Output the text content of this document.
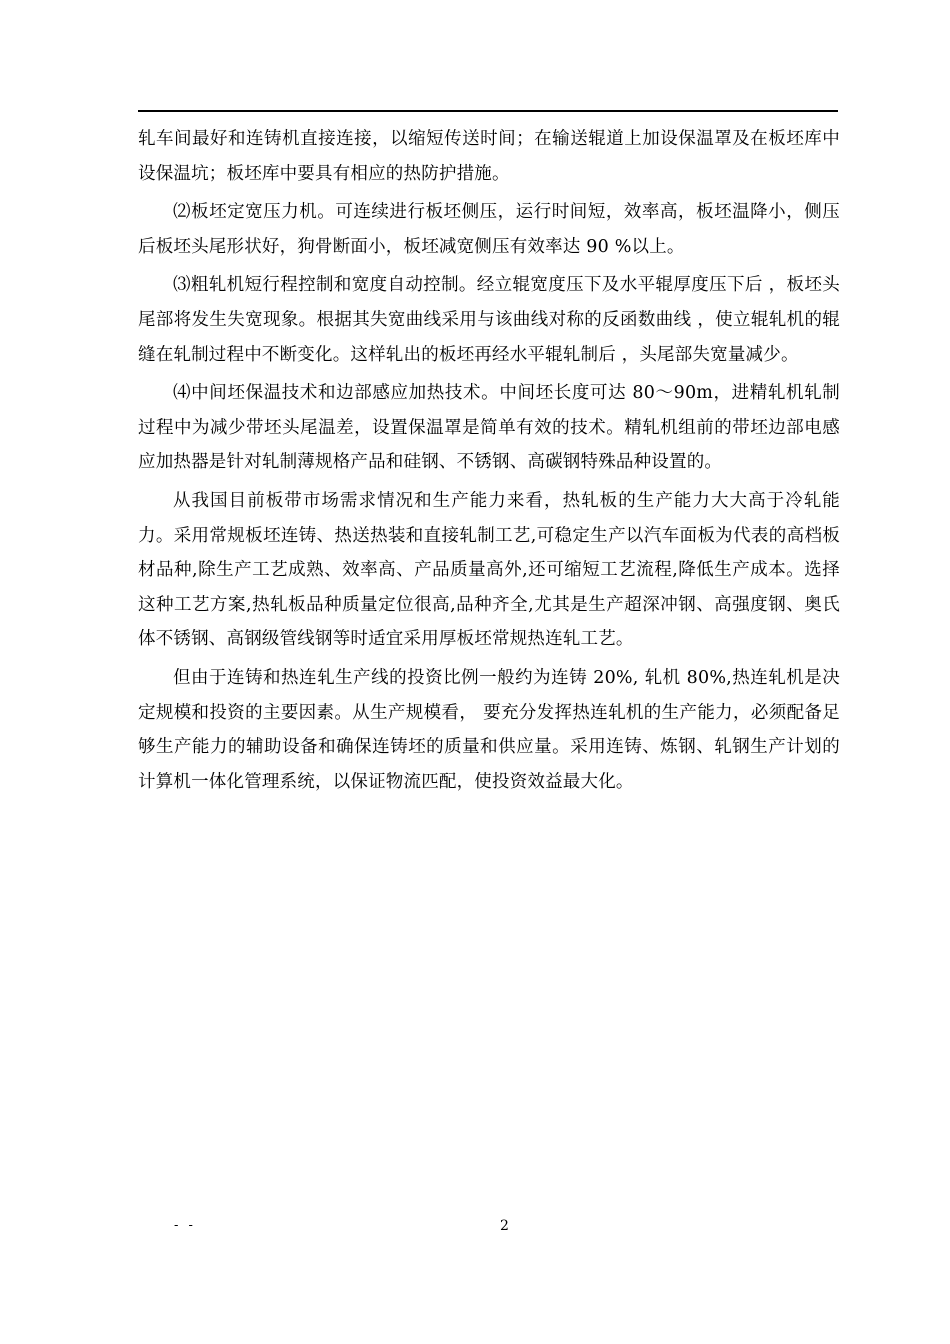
轧车间最好和连铸机直接连接，以缩短传送时间；在输送辊道上加设保温罩及在板坯库中设保温坑；板坯库中要具有相应的热防护措施。

⑵板坯定宽压力机。可连续进行板坯侧压，运行时间短，效率高，板坯温降小，侧压后板坯头尾形状好，狗骨断面小，板坯减宽侧压有效率达 90 %以上。

⑶粗轧机短行程控制和宽度自动控制。经立辊宽度压下及水平辊厚度压下后 ，板坯头尾部将发生失宽现象。根据其失宽曲线采用与该曲线对称的反函数曲线 ，使立辊轧机的辊缝在轧制过程中不断变化。这样轧出的板坯再经水平辊轧制后 ，头尾部失宽量减少。

⑷中间坯保温技术和边部感应加热技术。中间坯长度可达 80～90m，进精轧机轧制过程中为减少带坯头尾温差，设置保温罩是简单有效的技术。精轧机组前的带坯边部电感应加热器是针对轧制薄规格产品和硅钢、不锈钢、高碳钢特殊品种设置的。

从我国目前板带市场需求情况和生产能力来看，热轧板的生产能力大大高于冷轧能力。采用常规板坯连铸、热送热装和直接轧制工艺,可稳定生产以汽车面板为代表的高档板材品种,除生产工艺成熟、效率高、产品质量高外,还可缩短工艺流程,降低生产成本。选择这种工艺方案,热轧板品种质量定位很高,品种齐全,尤其是生产超深冲钢、高强度钢、奥氏体不锈钢、高钢级管线钢等时适宜采用厚板坯常规热连轧工艺。

但由于连铸和热连轧生产线的投资比例一般约为连铸 20%, 轧机 80%,热连轧机是决定规模和投资的主要因素。从生产规模看， 要充分发挥热连轧机的生产能力，必须配备足够生产能力的辅助设备和确保连铸坯的质量和供应量。采用连铸、炼钢、轧钢生产计划的计算机一体化管理系统，以保证物流匹配，使投资效益最大化。

- -	2
